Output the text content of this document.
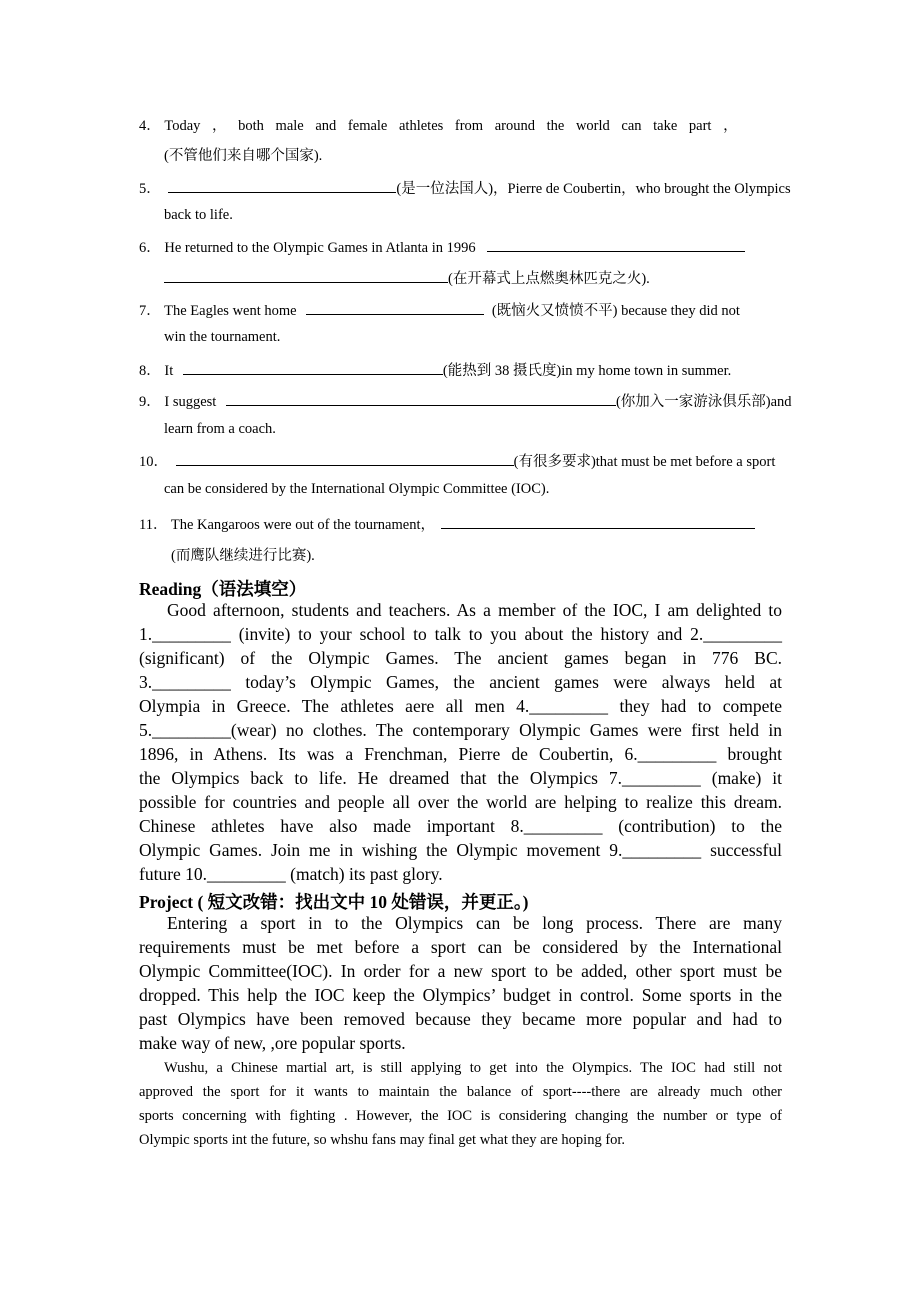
4． Today ， both male and female athletes from around the world can take part ，
(不管他们来自哪个国家).
5．	(是一位法国人)，Pierre de Coubertin，who brought the Olympics
back to life.
6． He returned to the Olympic Games in Atlanta in 1996
(在开幕式上点燃奥林匹克之火).
7． The Eagles went home	(既恼火又愤愤不平) because they did not
win the tournament.
8． It	(能热到 38 摄氏度)in my home town in summer.
9． I suggest	(你加入一家游泳俱乐部)and
learn from a coach.
10．	(有很多要求)that must be met before a sport
can be considered by the International Olympic Committee (IOC).
11． The Kangaroos were out of the tournament，
(而鹰队继续进行比赛).
Reading（语法填空）
Good afternoon, students and teachers. As a member of the IOC, I am delighted to
1._________ (invite) to your school to talk to you about the history and 2._________
(significant) of the Olympic Games. The ancient games began in 776 BC.
3._________ today’s Olympic Games, the ancient games were always held at
Olympia in Greece. The athletes aere all men 4._________ they had to compete
5._________(wear) no clothes. The contemporary Olympic Games were first held in
1896, in Athens. Its was a Frenchman, Pierre de Coubertin, 6._________ brought
the Olympics back to life. He dreamed that the Olympics 7._________ (make) it
possible for countries and people all over the world are helping to realize this dream.
Chinese athletes have also made important 8._________ (contribution) to the
Olympic Games. Join me in wishing the Olympic movement 9._________ successful
future 10._________ (match) its past glory.
Project ( 短文改错：找出文中 10 处错误，并更正。)
Entering a sport in to the Olympics can be long process. There are many
requirements must be met before a sport can be considered by the International
Olympic Committee(IOC). In order for a new sport to be added, other sport must be
dropped. This help the IOC keep the Olympics’ budget in control. Some sports in the
past Olympics have been removed because they became more popular and had to
make way of new, ,ore popular sports.
Wushu, a Chinese martial art, is still applying to get into the Olympics. The IOC had still not
approved the sport for it wants to maintain the balance of sport----there are already much other
sports concerning with fighting . However, the IOC is considering changing the number or type of
Olympic sports int the future, so whshu fans may final get what they are hoping for.
